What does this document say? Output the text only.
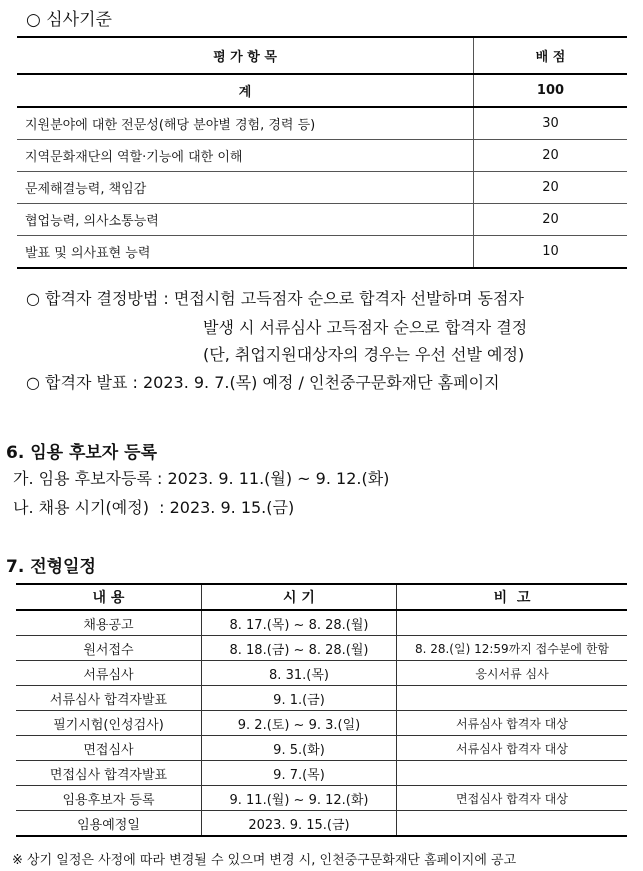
○ 심사기준
평 가 항 목	배 점
계	100
지원분야에 대한 전문성(해당 분야별 경험, 경력 등)	30
지역문화재단의 역할·기능에 대한 이해	20
문제해결능력, 책임감	20
협업능력, 의사소통능력	20
발표 및 의사표현 능력	10
○ 합격자 결정방법 : 면접시험 고득점자 순으로 합격자 선발하며 동점자
발생 시 서류심사 고득점자 순으로 합격자 결정
(단, 취업지원대상자의 경우는 우선 선발 예정)
○ 합격자 발표 : 2023. 9. 7.(목) 예정 / 인천중구문화재단 홈페이지
6. 임용 후보자 등록
가. 임용 후보자등록 : 2023. 9. 11.(월) ~ 9. 12.(화)
나. 채용 시기(예정)  : 2023. 9. 15.(금)
7. 전형일정
내 용	시 기	비  고
채용공고	8. 17.(목) ~ 8. 28.(월)	
원서접수	8. 18.(금) ~ 8. 28.(월)	8. 28.(일) 12:59까지 접수분에 한함
서류심사	8. 31.(목)	응시서류 심사
서류심사 합격자발표	9. 1.(금)	
필기시험(인성검사)	9. 2.(토) ~ 9. 3.(일)	서류심사 합격자 대상
면접심사	9. 5.(화)	서류심사 합격자 대상
면접심사 합격자발표	9. 7.(목)	
임용후보자 등록	9. 11.(월) ~ 9. 12.(화)	면접심사 합격자 대상
임용예정일	2023. 9. 15.(금)	
※ 상기 일정은 사정에 따라 변경될 수 있으며 변경 시, 인천중구문화재단 홈페이지에 공고
